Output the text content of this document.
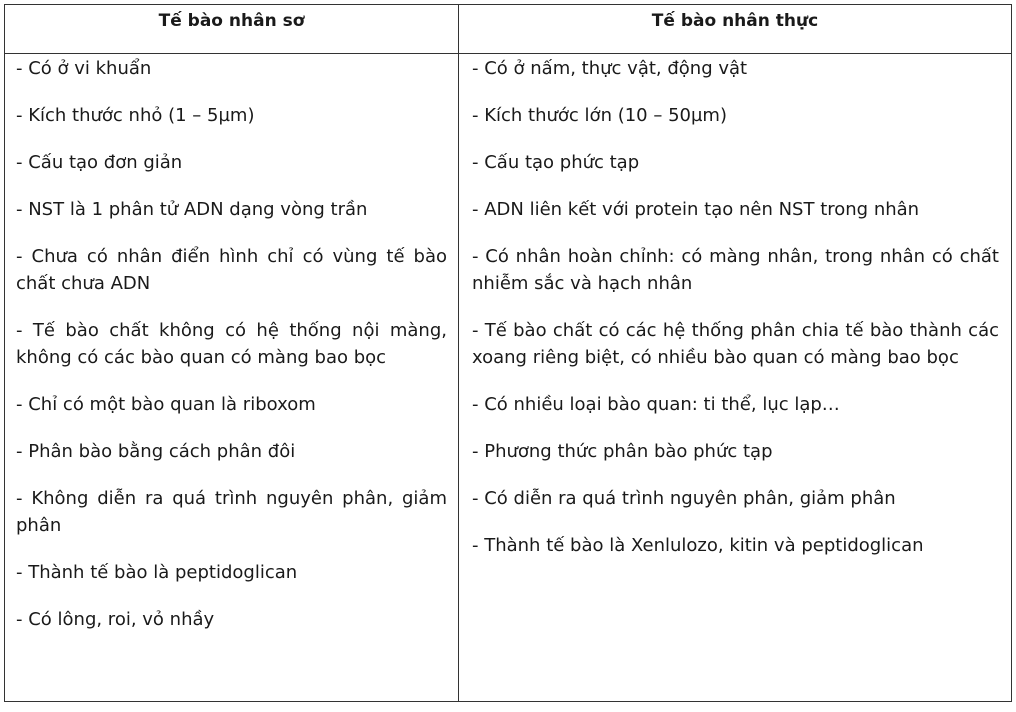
Tế bào nhân sơ	Tế bào nhân thực

- Có ở vi khuẩn

- Kích thước nhỏ (1 – 5µm)

- Cấu tạo đơn giản

- NST là 1 phân tử ADN dạng vòng trần

- Chưa có nhân điển hình chỉ có vùng tế bào chất chưa ADN

- Tế bào chất không có hệ thống nội màng, không có các bào quan có màng bao bọc

- Chỉ có một bào quan là riboxom

- Phân bào bằng cách phân đôi

- Không diễn ra quá trình nguyên phân, giảm phân

- Thành tế bào là peptidoglican

- Có lông, roi, vỏ nhầy

- Có ở nấm, thực vật, động vật

- Kích thước lớn (10 – 50µm)

- Cấu tạo phức tạp

- ADN liên kết với protein tạo nên NST trong nhân

- Có nhân hoàn chỉnh: có màng nhân, trong nhân có chất nhiễm sắc và hạch nhân

- Tế bào chất có các hệ thống phân chia tế bào thành các xoang riêng biệt, có nhiều bào quan có màng bao bọc

- Có nhiều loại bào quan: ti thể, lục lạp…

- Phương thức phân bào phức tạp

- Có diễn ra quá trình nguyên phân, giảm phân

- Thành tế bào là Xenlulozo, kitin và peptidoglican
